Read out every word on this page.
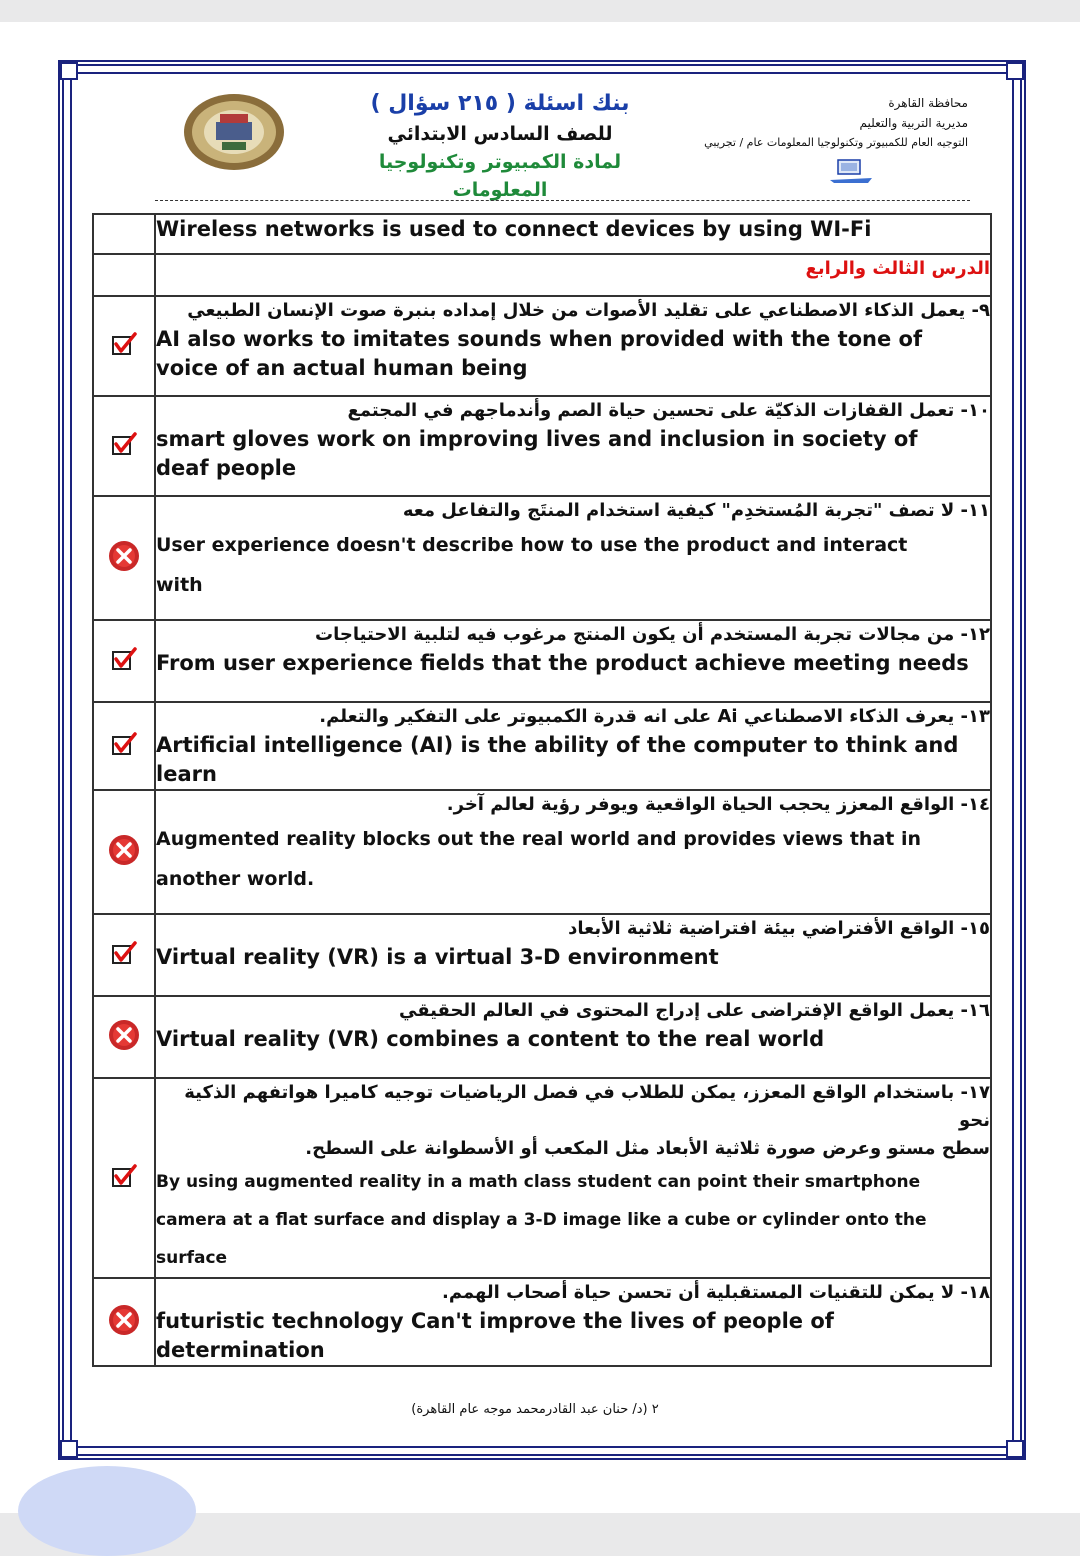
محافظة القاهرة
مديرية التربية والتعليم
التوجيه العام للكمبيوتر وتكنولوجيا المعلومات عام / تجريبي
بنك اسئلة ( ٢١٥ سؤال )
للصف السادس الابتدائي
لمادة الكمبيوتر وتكنولوجيا المعلومات

	Wireless networks is used to connect devices by using WI-Fi

	الدرس الثالث والرابع

٩- يعمل الذكاء الاصطناعي على تقليد الأصوات من خلال إمداده بنبرة صوت الإنسان الطبيعي
AI also works to imitates sounds when provided with the tone of
voice of an actual human being

١٠- تعمل القفازات الذكيّة على تحسين حياة الصم وأندماجهم في المجتمع
smart gloves work on improving lives and inclusion in society of
deaf people

١١- لا تصف "تجربة المُستخدِم" كيفية استخدام المنتَج والتفاعل معه
User experience doesn't describe how to use the product and interact
with

١٢- من مجالات تجربة المستخدم أن يكون المنتج مرغوب فيه لتلبية الاحتياجات
From user experience fields that the product achieve meeting needs

١٣- يعرف الذكاء الاصطناعي Ai على انه قدرة الكمبيوتر على التفكير والتعلم.
Artificial intelligence (AI) is the ability of the computer to think and learn

١٤- الواقع المعزز يحجب الحياة الواقعية ويوفر رؤية لعالم آخر.
Augmented reality blocks out the real world and provides views that in
another world.

١٥- الواقع الأفتراضي بيئة افتراضية ثلاثية الأبعاد
Virtual reality (VR) is a virtual 3-D environment

١٦- يعمل الواقع الإفتراضى على إدراج المحتوى في العالم الحقيقي
Virtual reality (VR) combines a content to the real world

١٧- باستخدام الواقع المعزز، يمكن للطلاب في فصل الرياضيات توجيه كاميرا هواتفهم الذكية نحو
سطح مستو وعرض صورة ثلاثية الأبعاد مثل المكعب أو الأسطوانة على السطح.
By using augmented reality in a math class student can point their smartphone
camera at a flat surface and display a 3-D image like a cube or cylinder onto the
surface

١٨- لا يمكن للتقنيات المستقبلية أن تحسن حياة أصحاب الهمم.
futuristic technology Can't improve the lives of people of determination
٢ (د/ حنان عبد القادرمحمد موجه عام القاهرة)
